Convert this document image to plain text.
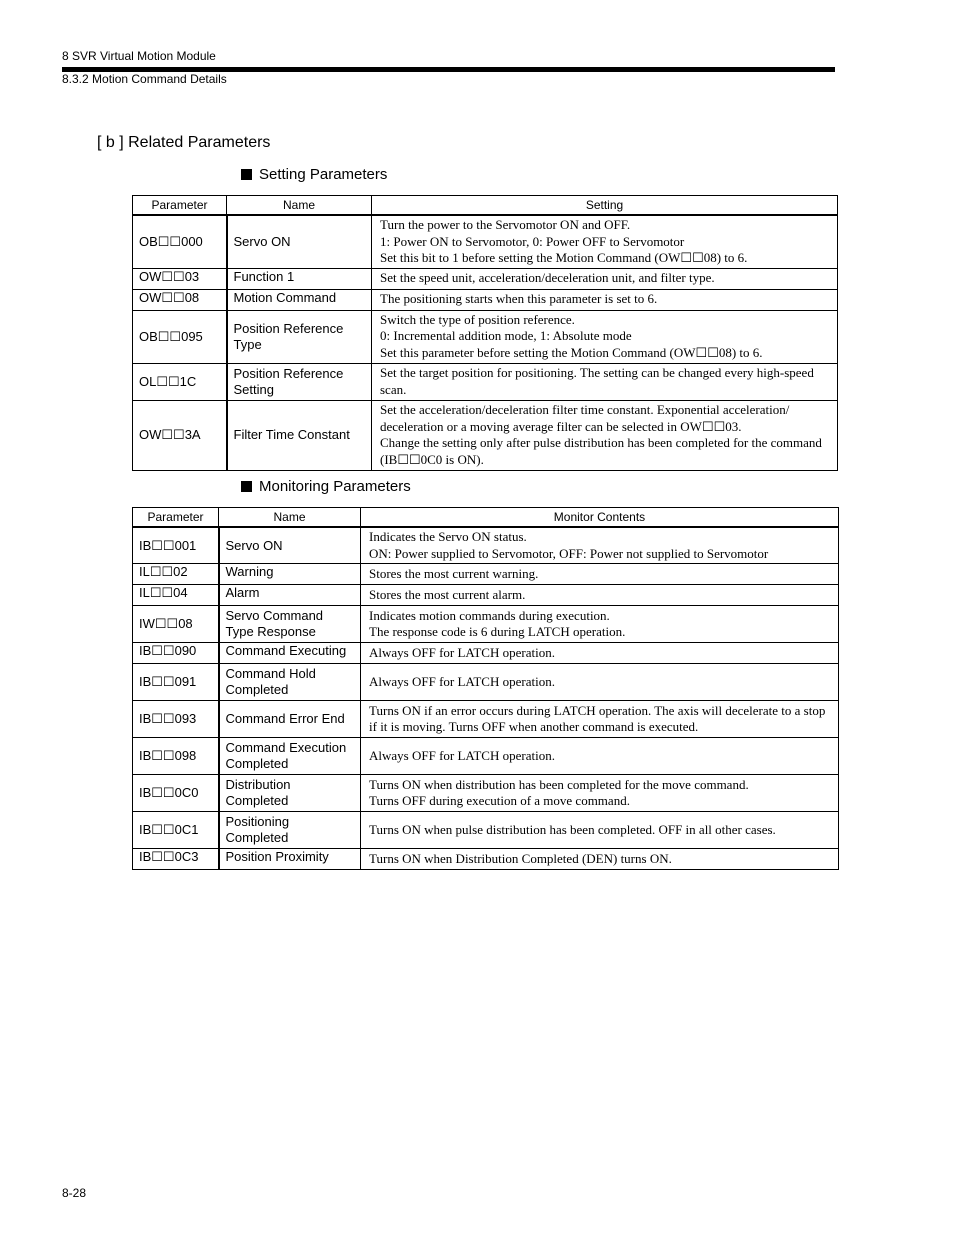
8 SVR Virtual Motion Module
8.3.2 Motion Command Details
[ b ] Related Parameters
Setting Parameters
Parameter	Name	Setting
OB☐☐000	Servo ON	Turn the power to the Servomotor ON and OFF.
1: Power ON to Servomotor, 0: Power OFF to Servomotor
Set this bit to 1 before setting the Motion Command (OW☐☐08) to 6.

OW☐☐03	Function 1	Set the speed unit, acceleration/deceleration unit, and filter type.

OW☐☐08	Motion Command	The positioning starts when this parameter is set to 6.

OB☐☐095	Position Reference Type	Switch the type of position reference.
0: Incremental addition mode, 1: Absolute mode
Set this parameter before setting the Motion Command (OW☐☐08) to 6.

OL☐☐1C	Position Reference Setting	Set the target position for positioning. The setting can be changed every high-speed scan.

OW☐☐3A	Filter Time Constant	Set the acceleration/deceleration filter time constant. Exponential acceleration/ deceleration or a moving average filter can be selected in OW☐☐03.
Change the setting only after pulse distribution has been completed for the command (IB☐☐0C0 is ON).
Monitoring Parameters
Parameter	Name	Monitor Contents
IB☐☐001	Servo ON	Indicates the Servo ON status.
ON: Power supplied to Servomotor, OFF: Power not supplied to Servomotor

IL☐☐02	Warning	Stores the most current warning.

IL☐☐04	Alarm	Stores the most current alarm.

IW☐☐08	Servo Command Type Response	Indicates motion commands during execution.
The response code is 6 during LATCH operation.

IB☐☐090	Command Executing	Always OFF for LATCH operation.

IB☐☐091	Command Hold Completed	Always OFF for LATCH operation.

IB☐☐093	Command Error End	Turns ON if an error occurs during LATCH operation. The axis will decelerate to a stop if it is moving. Turns OFF when another command is executed.

IB☐☐098	Command Execution Completed	Always OFF for LATCH operation.

IB☐☐0C0	Distribution Completed	Turns ON when distribution has been completed for the move command.
Turns OFF during execution of a move command.

IB☐☐0C1	Positioning Completed	Turns ON when pulse distribution has been completed. OFF in all other cases.

IB☐☐0C3	Position Proximity	Turns ON when Distribution Completed (DEN) turns ON.
8-28
